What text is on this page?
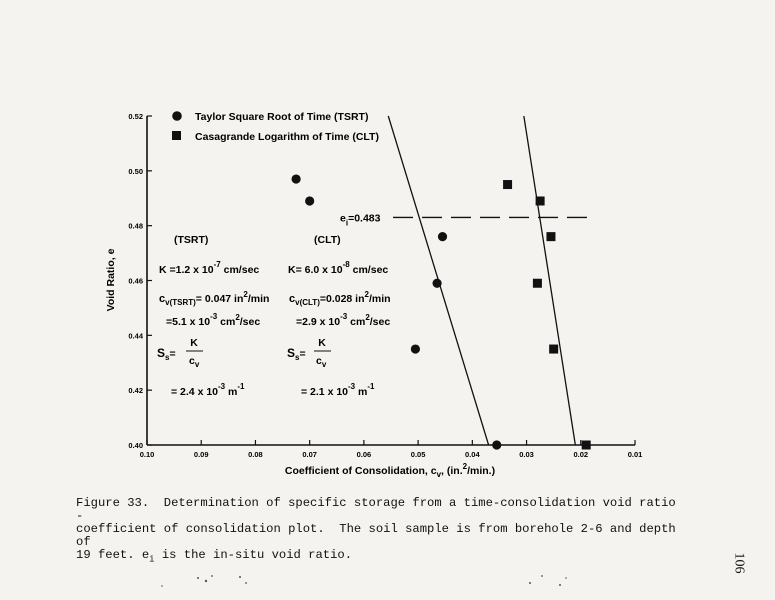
0.10	0.09	0.08	0.07	0.06	0.05	0.04	0.03	0.02	0.01
0.40
0.42
0.44
0.46
0.48
0.50
0.52
$e_i=0.483$
Taylor Square Root of Time (TSRT)
Casagrande Logarithm of Time (CLT)
Void Ratio, e
Coefficient of Consolidation, $c_v$, (in.$^2$/min.)
(TSRT)
K =1.2 x $10^{-7}$ cm/sec
$c_{v(TSRT)}= 0.047$ $in^2/\min$
=5.1 x $10^{-3}$ $cm^2/\sec$
$S_s=$
K
$c_v$
= 2.4 x $10^{-3}$ $m^{-1}$
(CLT)
K= 6.0 x $10^{-8}$ cm/sec
$c_{v(CLT)}=0.028$ $in^2/\min$
=2.9 x $10^{-3}$ $cm^2/\sec$
$S_s=$
K
$c_v$
= 2.1 x $10^{-3}$ $m^{-1}$
Figure 33.  Determination of specific storage from a time-consolidation void ratio -
coefficient of consolidation plot.  The soil sample is from borehole 2-6 and depth of
19 feet. $e_i$ is the in-situ void ratio.	106
